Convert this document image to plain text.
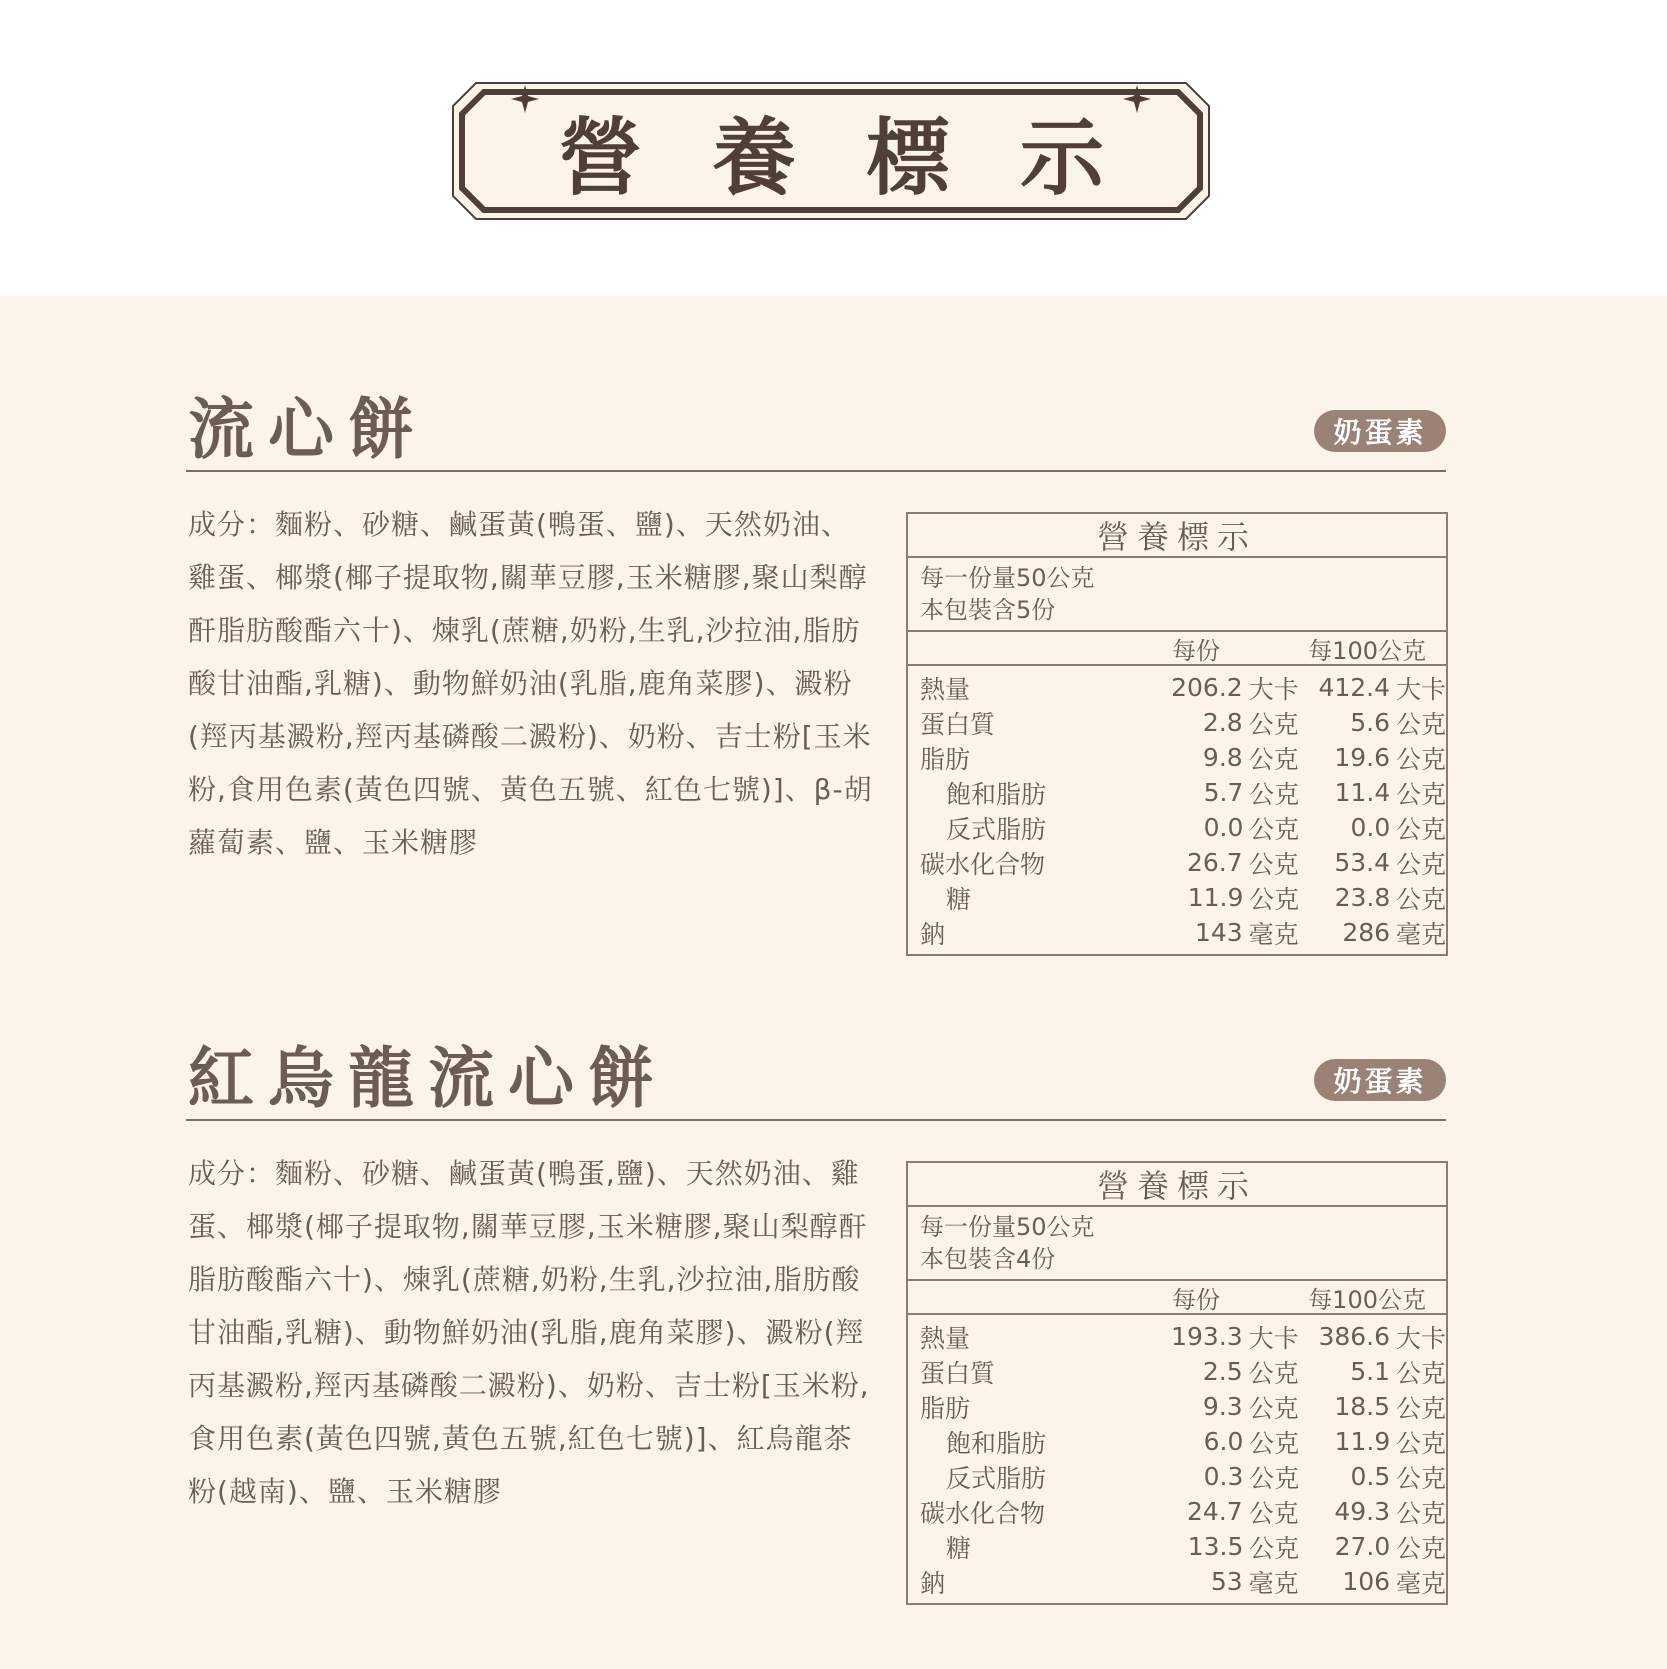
營養標示
流心餅	奶蛋素
成分：麵粉、砂糖、鹹蛋黃(鴨蛋、鹽)、天然奶油、雞蛋、椰漿(椰子提取物,關華豆膠,玉米糖膠,聚山梨醇酐脂肪酸酯六十)、煉乳(蔗糖,奶粉,生乳,沙拉油,脂肪酸甘油酯,乳糖)、動物鮮奶油(乳脂,鹿角菜膠)、澱粉(羥丙基澱粉,羥丙基磷酸二澱粉)、奶粉、吉士粉[玉米粉,食用色素(黃色四號、黃色五號、紅色七號)]、β-胡蘿蔔素、鹽、玉米糖膠
營養標示
每一份量50公克
本包裝含5份
每份	每100公克
熱量	206.2 大卡 412.4 大卡
蛋白質	2.8 公克	5.6 公克
脂肪	9.8 公克	19.6 公克
飽和脂肪	5.7 公克	11.4 公克
反式脂肪	0.0 公克	0.0 公克
碳水化合物	26.7 公克	53.4 公克
糖	11.9 公克	23.8 公克
鈉	143 毫克	286 毫克
紅烏龍流心餅	奶蛋素
成分：麵粉、砂糖、鹹蛋黃(鴨蛋,鹽)、天然奶油、雞蛋、椰漿(椰子提取物,關華豆膠,玉米糖膠,聚山梨醇酐脂肪酸酯六十)、煉乳(蔗糖,奶粉,生乳,沙拉油,脂肪酸甘油酯,乳糖)、動物鮮奶油(乳脂,鹿角菜膠)、澱粉(羥丙基澱粉,羥丙基磷酸二澱粉)、奶粉、吉士粉[玉米粉,食用色素(黃色四號,黃色五號,紅色七號)]、紅烏龍茶粉(越南)、鹽、玉米糖膠
營養標示
每一份量50公克
本包裝含4份
每份	每100公克
熱量	193.3 大卡 386.6 大卡
蛋白質	2.5 公克	5.1 公克
脂肪	9.3 公克	18.5 公克
飽和脂肪	6.0 公克	11.9 公克
反式脂肪	0.3 公克	0.5 公克
碳水化合物	24.7 公克	49.3 公克
糖	13.5 公克	27.0 公克
鈉	53 毫克	106 毫克
